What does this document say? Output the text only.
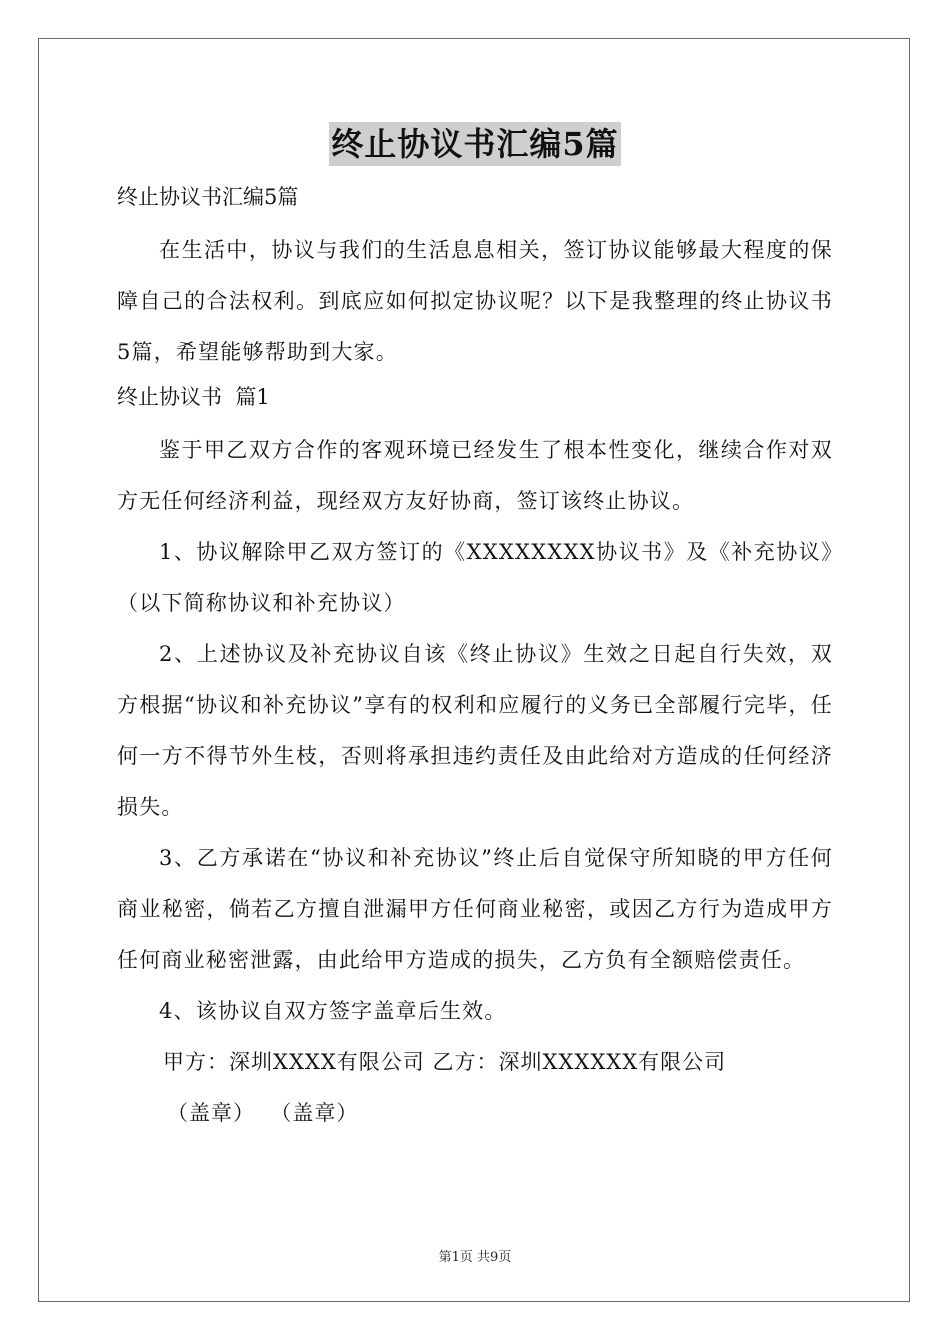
终止协议书汇编5篇
终止协议书汇编5篇

在生活中，协议与我们的生活息息相关，签订协议能够最大程度的保障自己的合法权利。到底应如何拟定协议呢？以下是我整理的终止协议书5篇，希望能够帮助到大家。

终止协议书  篇1

鉴于甲乙双方合作的客观环境已经发生了根本性变化，继续合作对双方无任何经济利益，现经双方友好协商，签订该终止协议。

1、协议解除甲乙双方签订的《XXXXXXXX协议书》及《补充协议》（以下简称协议和补充协议）

2、上述协议及补充协议自该《终止协议》生效之日起自行失效，双方根据“协议和补充协议”享有的权利和应履行的义务已全部履行完毕，任何一方不得节外生枝，否则将承担违约责任及由此给对方造成的任何经济损失。

3、乙方承诺在“协议和补充协议”终止后自觉保守所知晓的甲方任何商业秘密，倘若乙方擅自泄漏甲方任何商业秘密，或因乙方行为造成甲方任何商业秘密泄露，由此给甲方造成的损失，乙方负有全额赔偿责任。

4、该协议自双方签字盖章后生效。

甲方：深圳XXXX有限公司 乙方：深圳XXXXXX有限公司
（盖章）  （盖章）
第1页 共9页
